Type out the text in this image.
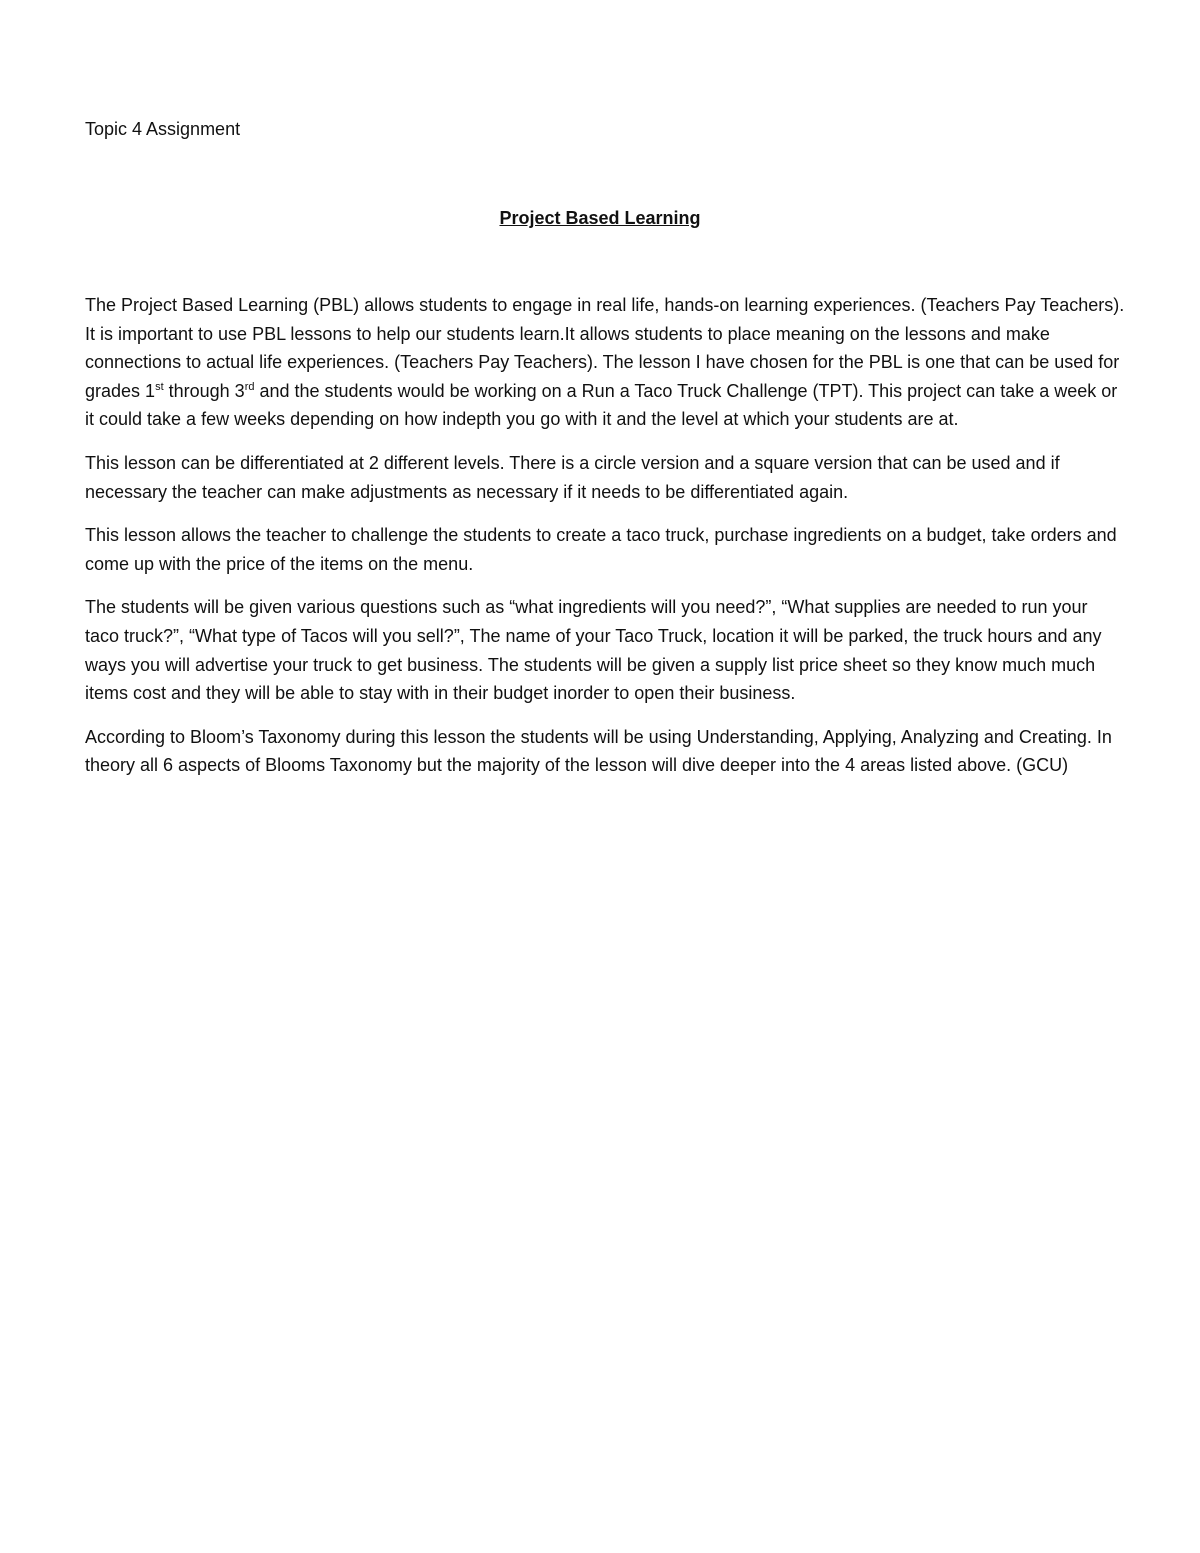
Topic 4 Assignment

Project Based Learning

The Project Based Learning (PBL) allows students to engage in real life, hands-on learning experiences. (Teachers Pay Teachers). It is important to use PBL lessons to help our students learn.It allows students to place meaning on the lessons and make connections to actual life experiences. (Teachers Pay Teachers). The lesson I have chosen for the PBL is one that can be used for grades 1st through 3rd and the students would be working on a Run a Taco Truck Challenge (TPT). This project can take a week or it could take a few weeks depending on how indepth you go with it and the level at which your students are at.

This lesson can be differentiated at 2 different levels. There is a circle version and a square version that can be used and if necessary the teacher can make adjustments as necessary if it needs to be differentiated again.

This lesson allows the teacher to challenge the students to create a taco truck, purchase ingredients on a budget, take orders and come up with the price of the items on the menu.

The students will be given various questions such as “what ingredients will you need?”, “What supplies are needed to run your taco truck?”, “What type of Tacos will you sell?”, The name of your Taco Truck, location it will be parked, the truck hours and any ways you will advertise your truck to get business. The students will be given a supply list price sheet so they know much much items cost and they will be able to stay with in their budget inorder to open their business.

According to Bloom’s Taxonomy during this lesson the students will be using Understanding, Applying, Analyzing and Creating. In theory all 6 aspects of Blooms Taxonomy but the majority of the lesson will dive deeper into the 4 areas listed above. (GCU)
